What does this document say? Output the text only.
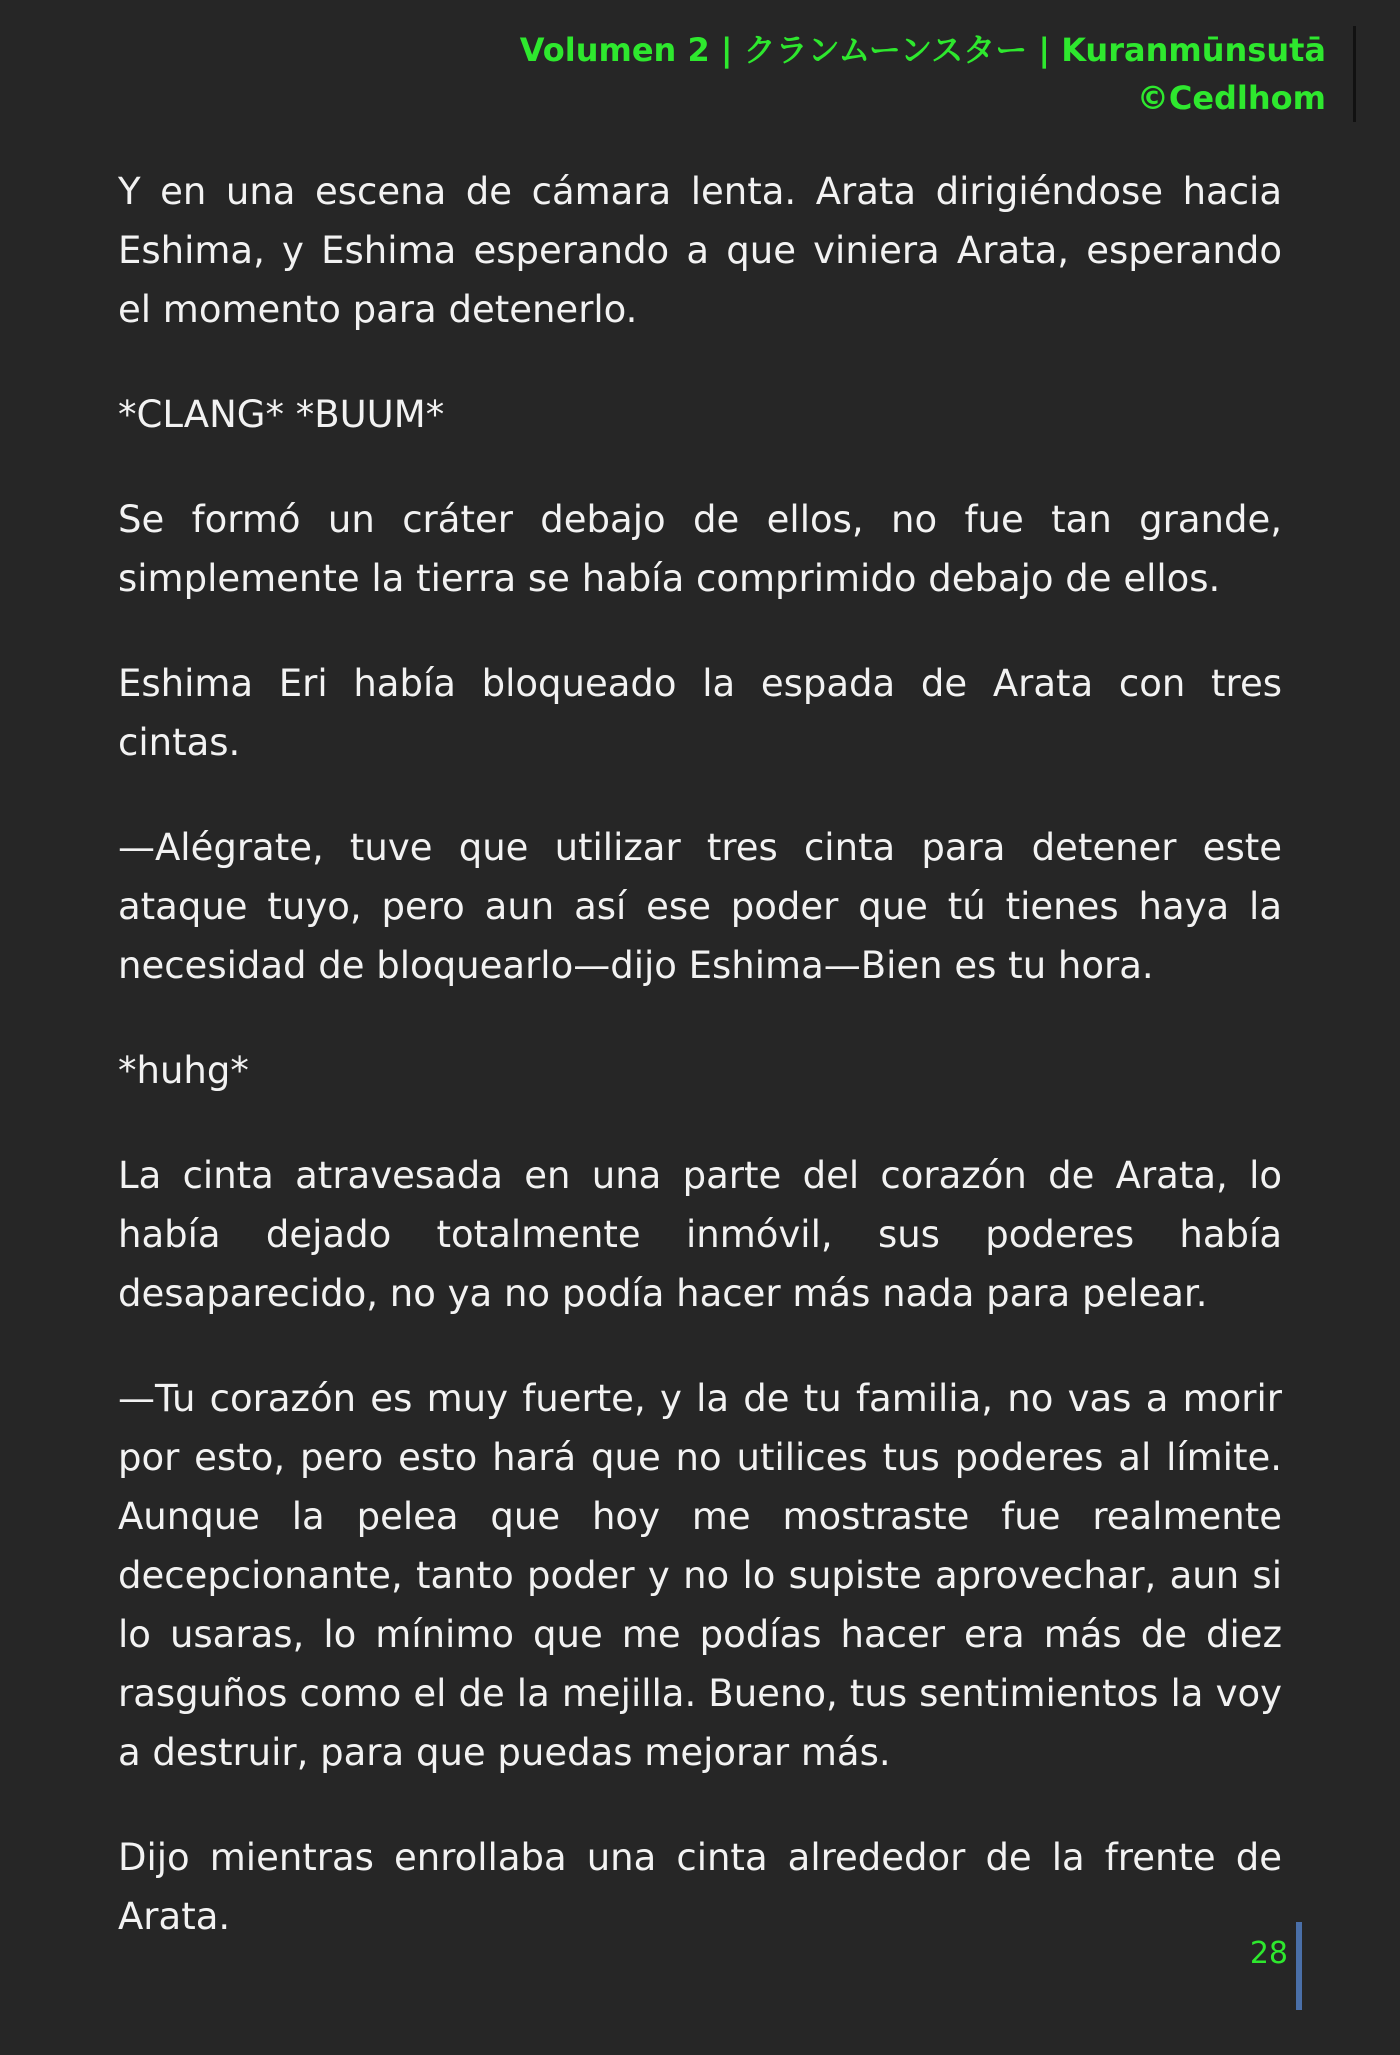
Volumen 2 | クランムーンスター | Kuranmūnsutā
©Cedlhom

Y en una escena de cámara lenta. Arata dirigiéndose hacia Eshima, y Eshima esperando a que viniera Arata, esperando el momento para detenerlo.

*CLANG* *BUUM*

Se formó un cráter debajo de ellos, no fue tan grande, simplemente la tierra se había comprimido debajo de ellos.

Eshima Eri había bloqueado la espada de Arata con tres cintas.

—Alégrate, tuve que utilizar tres cinta para detener este ataque tuyo, pero aun así ese poder que tú tienes haya la necesidad de bloquearlo—dijo Eshima—Bien es tu hora.

*huhg*

La cinta atravesada en una parte del corazón de Arata, lo había dejado totalmente inmóvil, sus poderes había desaparecido, no ya no podía hacer más nada para pelear.

—Tu corazón es muy fuerte, y la de tu familia, no vas a morir por esto, pero esto hará que no utilices tus poderes al límite. Aunque la pelea que hoy me mostraste fue realmente decepcionante, tanto poder y no lo supiste aprovechar, aun si lo usaras, lo mínimo que me podías hacer era más de diez rasguños como el de la mejilla. Bueno, tus sentimientos la voy a destruir, para que puedas mejorar más.

Dijo mientras enrollaba una cinta alrededor de la frente de Arata.

28
